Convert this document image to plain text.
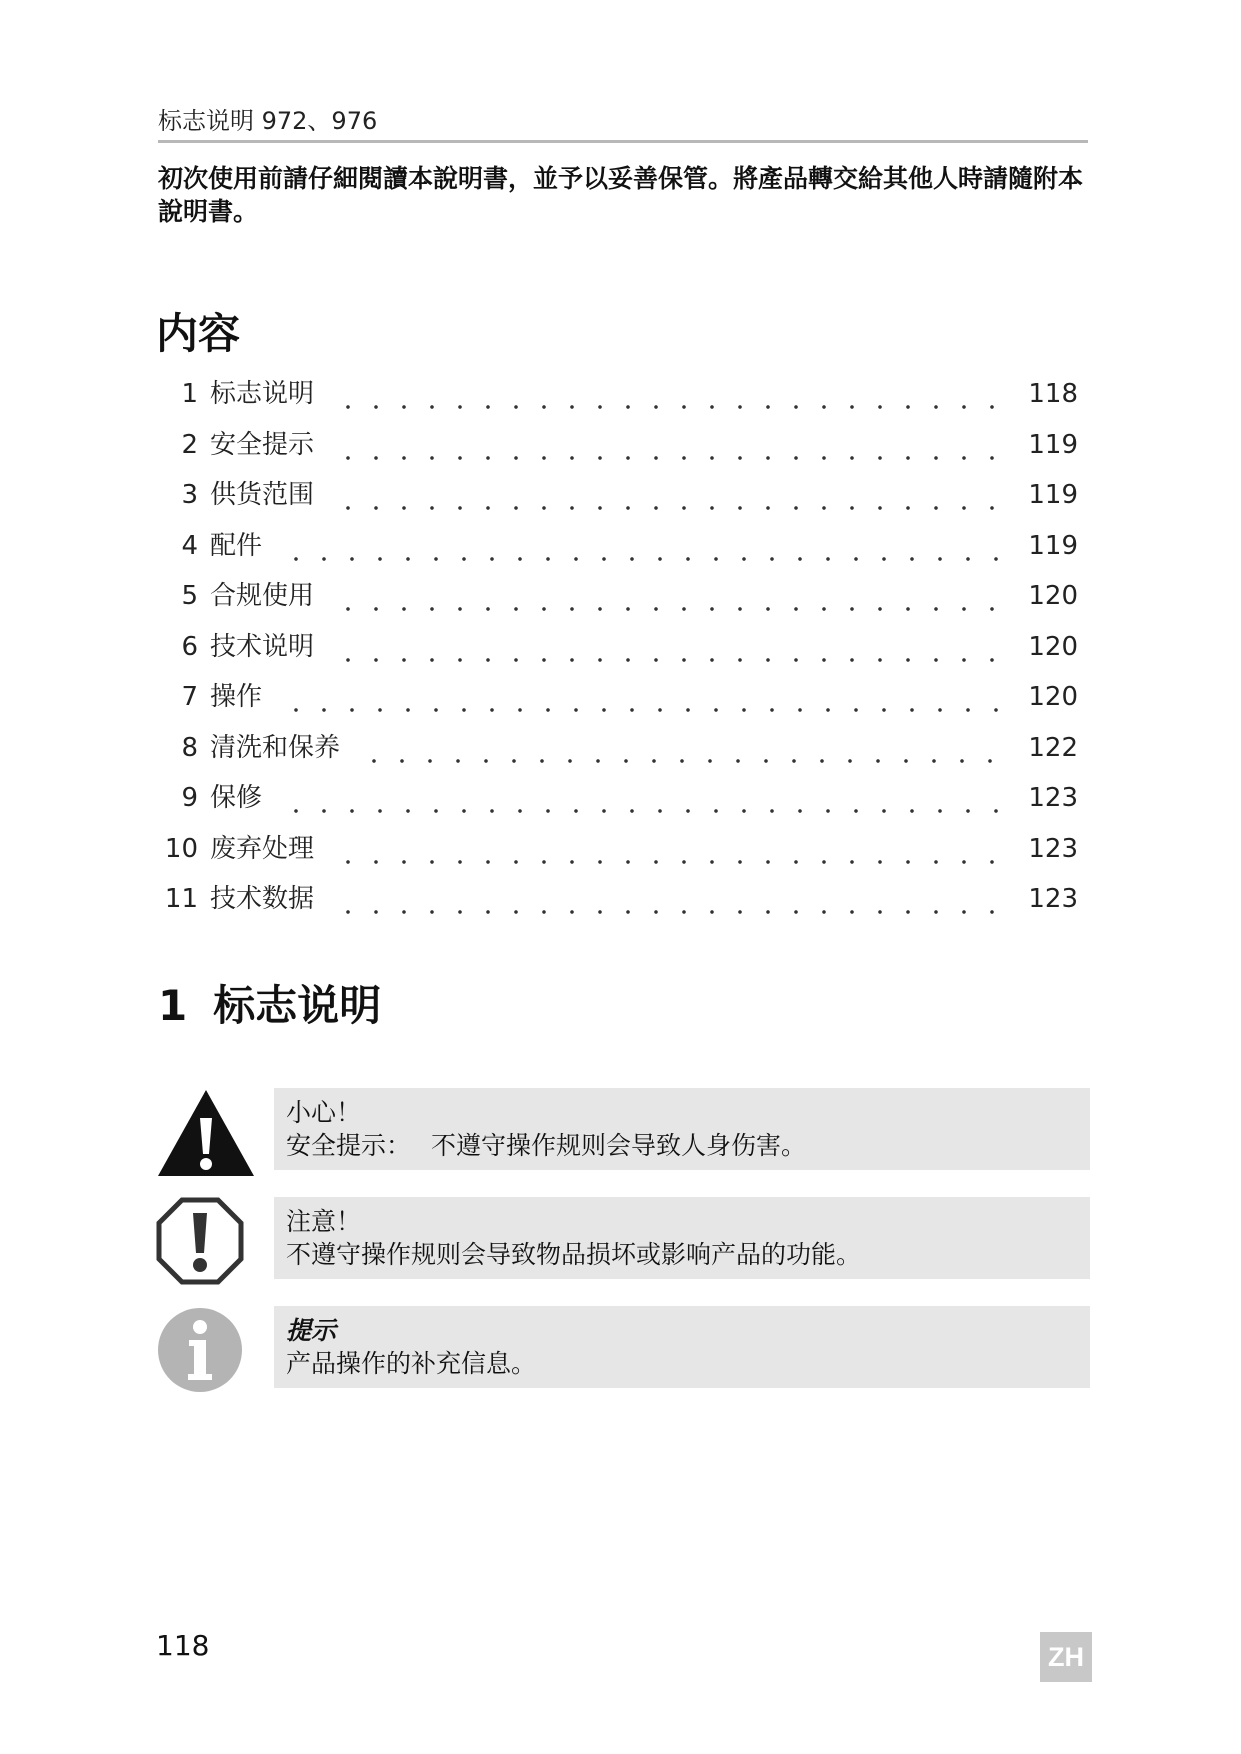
标志说明 972、976
初次使用前請仔細閱讀本說明書，並予以妥善保管。將產品轉交給其他人時請隨附本說明書。
内容
1 标志说明	118
2 安全提示	119
3 供货范围	119
4 配件	119
5 合规使用	120
6 技术说明	120
7 操作	120
8 清洗和保养	122
9 保修	123
10 废弃处理	123
11 技术数据	123
1 标志说明
小心！
安全提示： 不遵守操作规则会导致人身伤害。
注意！
不遵守操作规则会导致物品损坏或影响产品的功能。
提示
产品操作的补充信息。
118	ZH
